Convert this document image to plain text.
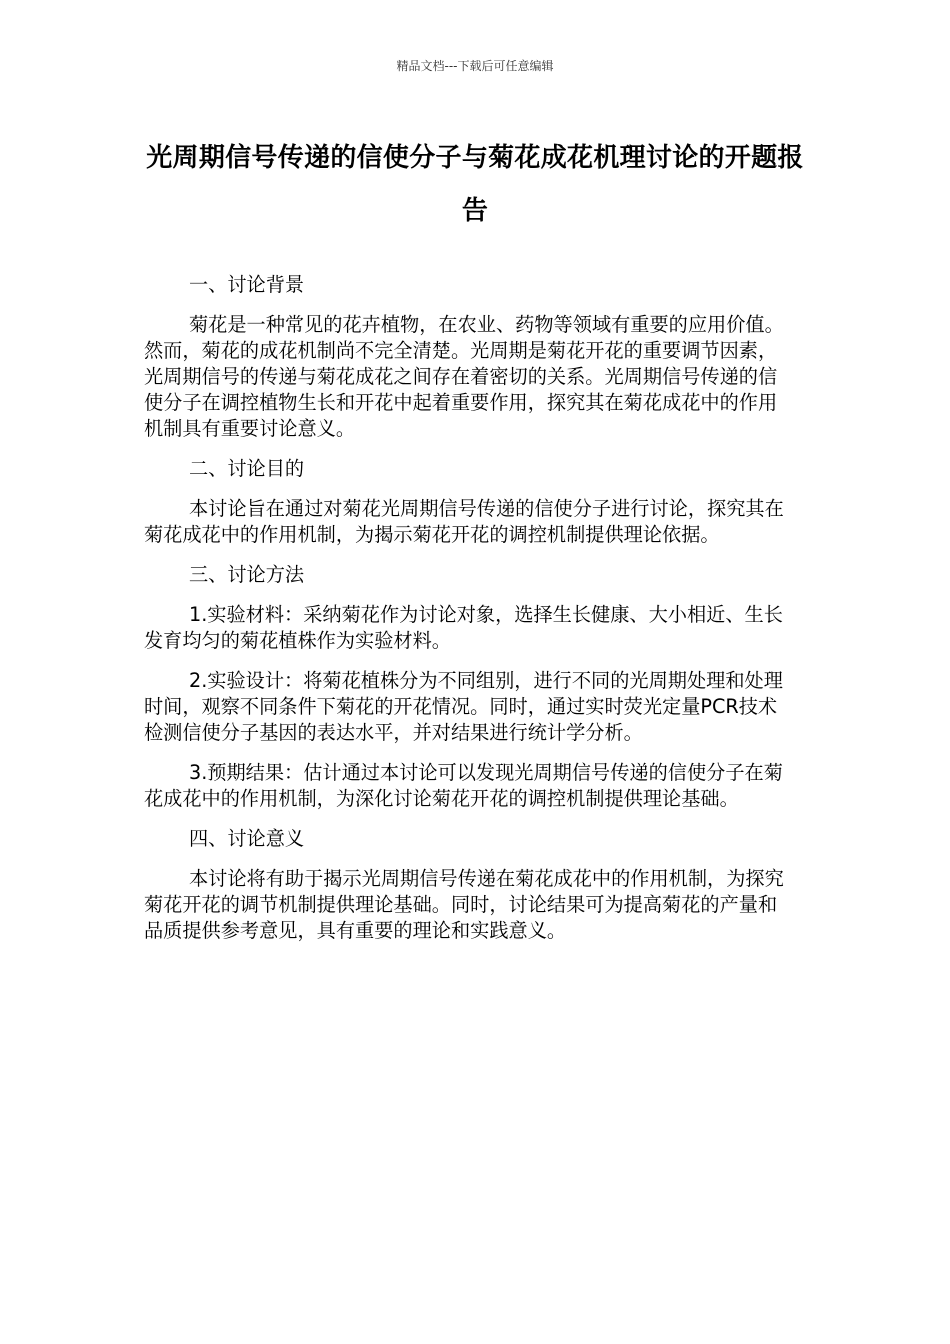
精品文档---下载后可任意编辑
光周期信号传递的信使分子与菊花成花机理讨论的开题报告

一、讨论背景

菊花是一种常见的花卉植物，在农业、药物等领域有重要的应用价值。然而，菊花的成花机制尚不完全清楚。光周期是菊花开花的重要调节因素，光周期信号的传递与菊花成花之间存在着密切的关系。光周期信号传递的信使分子在调控植物生长和开花中起着重要作用，探究其在菊花成花中的作用机制具有重要讨论意义。

二、讨论目的

本讨论旨在通过对菊花光周期信号传递的信使分子进行讨论，探究其在菊花成花中的作用机制，为揭示菊花开花的调控机制提供理论依据。

三、讨论方法

1.实验材料：采纳菊花作为讨论对象，选择生长健康、大小相近、生长发育均匀的菊花植株作为实验材料。

2.实验设计：将菊花植株分为不同组别，进行不同的光周期处理和处理时间，观察不同条件下菊花的开花情况。同时，通过实时荧光定量PCR技术检测信使分子基因的表达水平，并对结果进行统计学分析。

3.预期结果：估计通过本讨论可以发现光周期信号传递的信使分子在菊花成花中的作用机制，为深化讨论菊花开花的调控机制提供理论基础。

四、讨论意义

本讨论将有助于揭示光周期信号传递在菊花成花中的作用机制，为探究菊花开花的调节机制提供理论基础。同时，讨论结果可为提高菊花的产量和品质提供参考意见，具有重要的理论和实践意义。
